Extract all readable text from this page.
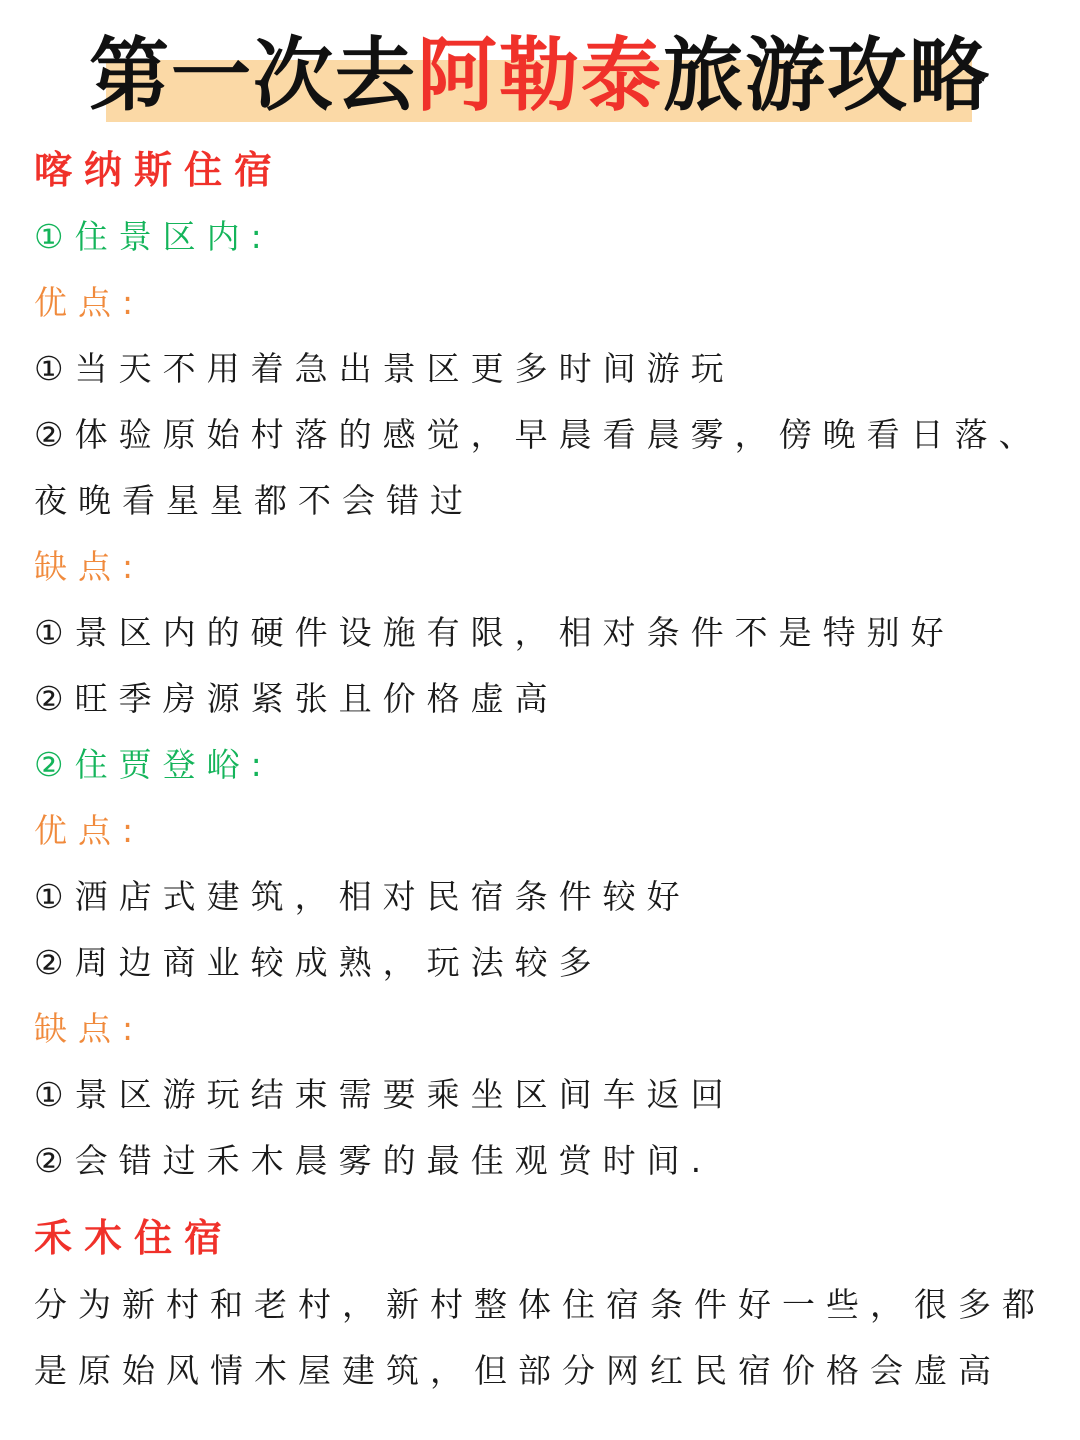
第一次去阿勒泰旅游攻略
喀纳斯住宿
①住景区内:
优点:
①当天不用着急出景区更多时间游玩
②体验原始村落的感觉，早晨看晨雾，傍晚看日落、
夜晚看星星都不会错过
缺点:
①景区内的硬件设施有限，相对条件不是特别好
②旺季房源紧张且价格虚高
②住贾登峪:
优点:
①酒店式建筑，相对民宿条件较好
②周边商业较成熟，玩法较多
缺点:
①景区游玩结束需要乘坐区间车返回
②会错过禾木晨雾的最佳观赏时间.
禾木住宿
分为新村和老村，新村整体住宿条件好一些，很多都
是原始风情木屋建筑，但部分网红民宿价格会虚高
